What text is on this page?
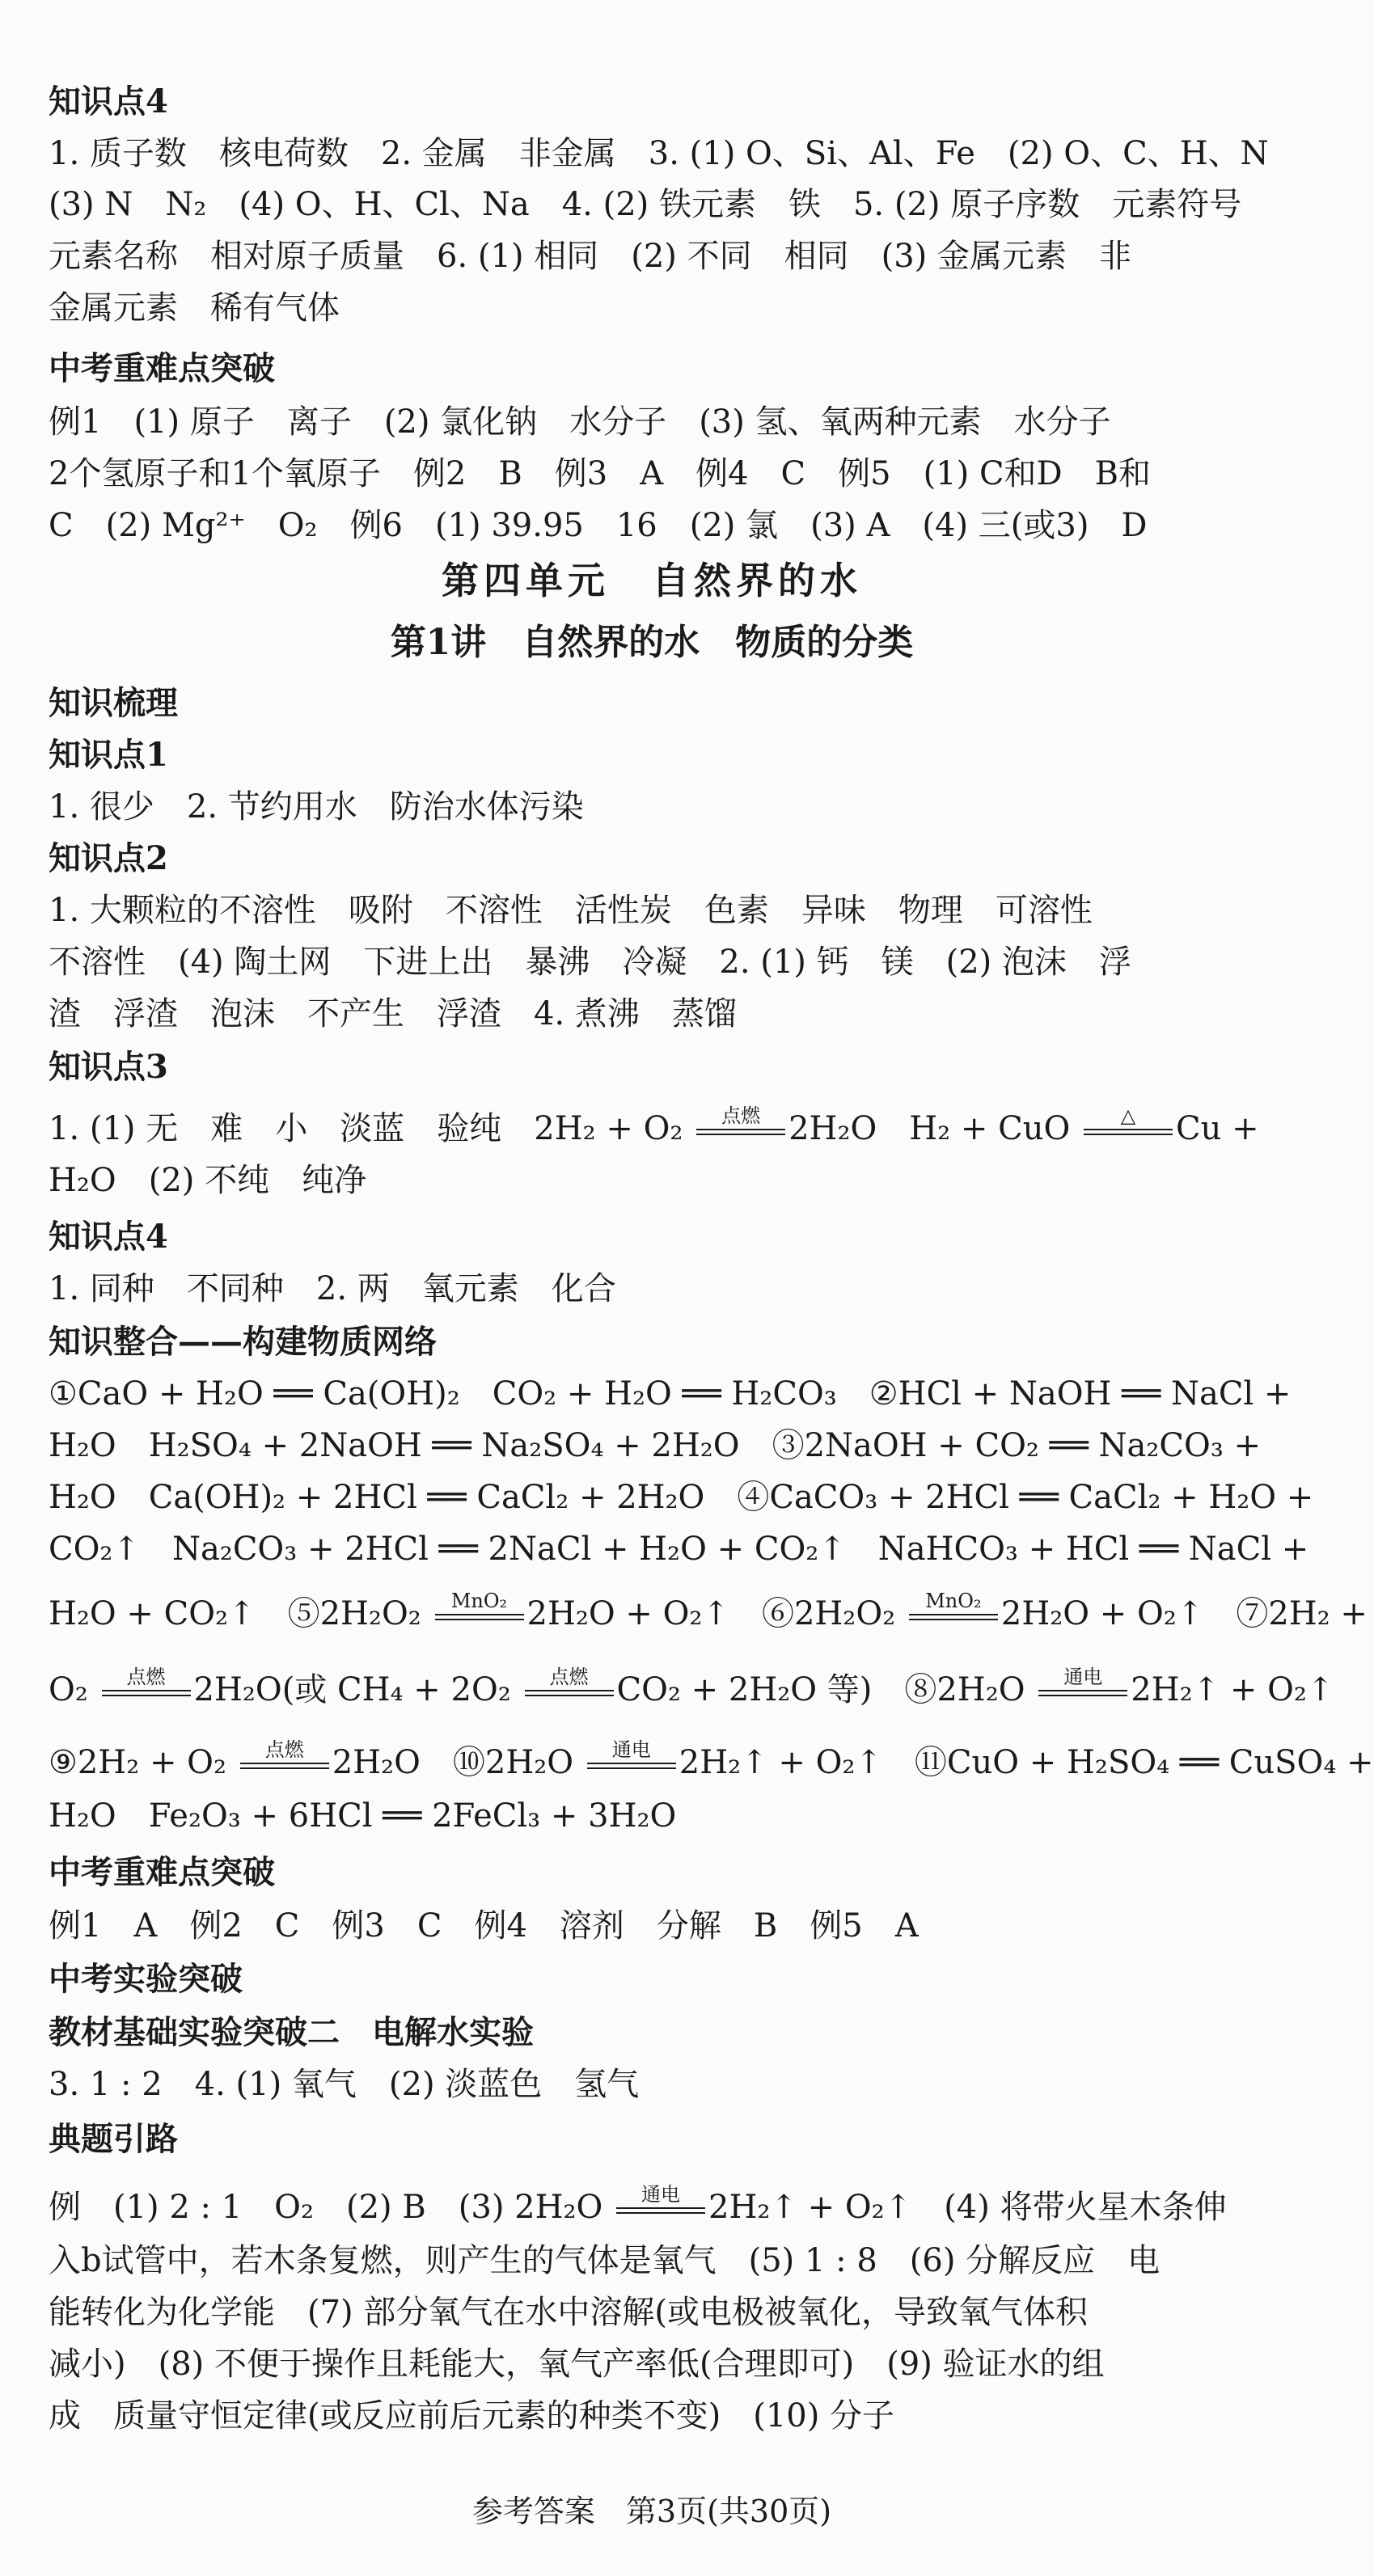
知识点4
1. 质子数　核电荷数　2. 金属　非金属　3. (1) O、Si、Al、Fe　(2) O、C、H、N
(3) N　N₂　(4) O、H、Cl、Na　4. (2) 铁元素　铁　5. (2) 原子序数　元素符号
元素名称　相对原子质量　6. (1) 相同　(2) 不同　相同　(3) 金属元素　非
金属元素　稀有气体
中考重难点突破
例1　(1) 原子　离子　(2) 氯化钠　水分子　(3) 氢、氧两种元素　水分子
2个氢原子和1个氧原子　例2　B　例3　A　例4　C　例5　(1) C和D　B和
C　(2) Mg²⁺　O₂　例6　(1) 39.95　16　(2) 氯　(3) A　(4) 三(或3)　D
第四单元　自然界的水
第1讲　自然界的水　物质的分类
知识梳理
知识点1
1. 很少　2. 节约用水　防治水体污染
知识点2
1. 大颗粒的不溶性　吸附　不溶性　活性炭　色素　异味　物理　可溶性
不溶性　(4) 陶土网　下进上出　暴沸　冷凝　2. (1) 钙　镁　(2) 泡沫　浮
渣　浮渣　泡沫　不产生　浮渣　4. 煮沸　蒸馏
知识点3
1. (1) 无　难　小　淡蓝　验纯　2H₂ + O₂	点燃 2H₂O　H₂ + CuO	△	Cu +
H₂O　(2) 不纯　纯净
知识点4
1. 同种　不同种　2. 两　氧元素　化合
知识整合——构建物质网络
①CaO + H₂O ══ Ca(OH)₂　CO₂ + H₂O ══ H₂CO₃　②HCl + NaOH ══ NaCl +
H₂O　H₂SO₄ + 2NaOH ══ Na₂SO₄ + 2H₂O　③2NaOH + CO₂ ══ Na₂CO₃ +
H₂O　Ca(OH)₂ + 2HCl ══ CaCl₂ + 2H₂O　④CaCO₃ + 2HCl ══ CaCl₂ + H₂O +
CO₂↑　Na₂CO₃ + 2HCl ══ 2NaCl + H₂O + CO₂↑　NaHCO₃ + HCl ══ NaCl +
H₂O + CO₂↑　⑤2H₂O₂	MnO₂ 2H₂O + O₂↑　⑥2H₂O₂	MnO₂ 2H₂O + O₂↑　⑦2H₂ +
O₂	点燃 2H₂O(或 CH₄ + 2O₂	点燃 CO₂ + 2H₂O 等)　⑧2H₂O	通电 2H₂↑ + O₂↑
⑨2H₂ + O₂	点燃 2H₂O　⑩2H₂O	通电 2H₂↑ + O₂↑　⑪CuO + H₂SO₄ ══ CuSO₄ +
H₂O　Fe₂O₃ + 6HCl ══ 2FeCl₃ + 3H₂O
中考重难点突破
例1　A　例2　C　例3　C　例4　溶剂　分解　B　例5　A
中考实验突破
教材基础实验突破二　电解水实验
3. 1 : 2　4. (1) 氧气　(2) 淡蓝色　氢气
典题引路
例　(1) 2 : 1　O₂　(2) B　(3) 2H₂O	通电 2H₂↑ + O₂↑　(4) 将带火星木条伸
入b试管中，若木条复燃，则产生的气体是氧气　(5) 1 : 8　(6) 分解反应　电
能转化为化学能　(7) 部分氧气在水中溶解(或电极被氧化，导致氧气体积
减小)　(8) 不便于操作且耗能大，氧气产率低(合理即可)　(9) 验证水的组
成　质量守恒定律(或反应前后元素的种类不变)　(10) 分子
参考答案　第3页(共30页)
